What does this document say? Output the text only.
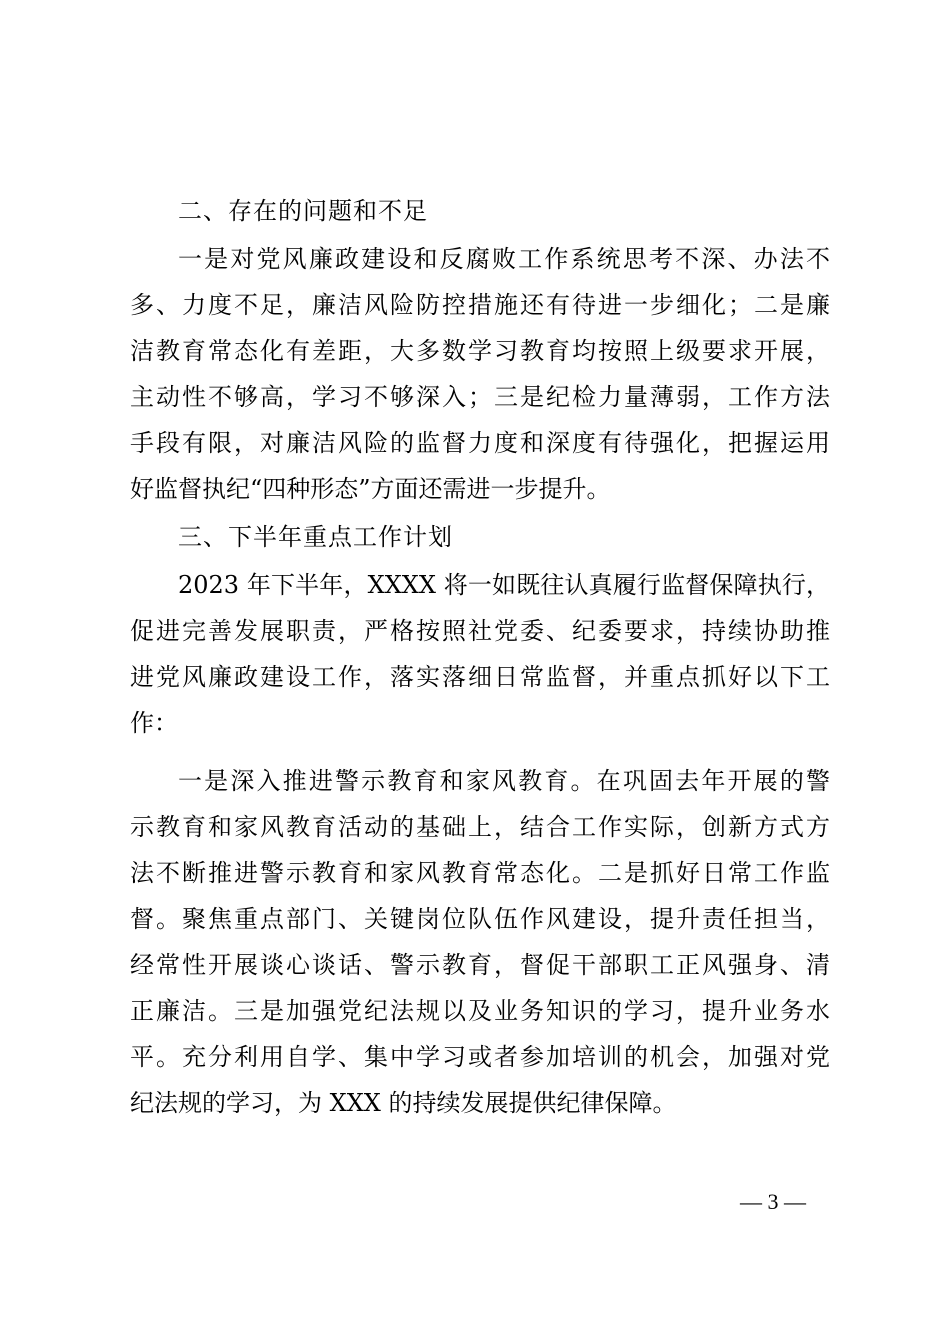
二、存在的问题和不足

一是对党风廉政建设和反腐败工作系统思考不深、办法不
多、力度不足，廉洁风险防控措施还有待进一步细化；二是廉
洁教育常态化有差距，大多数学习教育均按照上级要求开展，
主动性不够高，学习不够深入；三是纪检力量薄弱，工作方法
手段有限，对廉洁风险的监督力度和深度有待强化，把握运用
好监督执纪“四种形态”方面还需进一步提升。

三、下半年重点工作计划

2023 年下半年，XXXX 将一如既往认真履行监督保障执行，
促进完善发展职责，严格按照社党委、纪委要求，持续协助推
进党风廉政建设工作，落实落细日常监督，并重点抓好以下工
作：

一是深入推进警示教育和家风教育。在巩固去年开展的警
示教育和家风教育活动的基础上，结合工作实际，创新方式方
法不断推进警示教育和家风教育常态化。二是抓好日常工作监
督。聚焦重点部门、关键岗位队伍作风建设，提升责任担当，
经常性开展谈心谈话、警示教育，督促干部职工正风强身、清
正廉洁。三是加强党纪法规以及业务知识的学习，提升业务水
平。充分利用自学、集中学习或者参加培训的机会，加强对党
纪法规的学习，为 XXX 的持续发展提供纪律保障。

— 3 —
